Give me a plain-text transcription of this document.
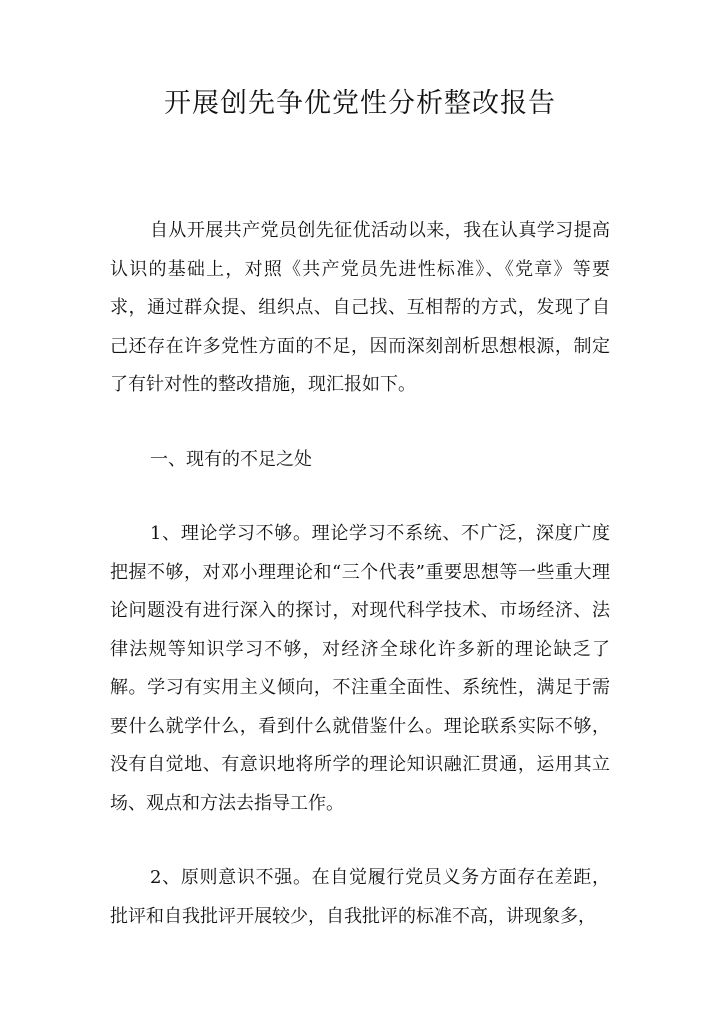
开展创先争优党性分析整改报告

自从开展共产党员创先征优活动以来，我在认真学习提高认识的基础上，对照《共产党员先进性标准》、《党章》等要求，通过群众提、组织点、自己找、互相帮的方式，发现了自己还存在许多党性方面的不足，因而深刻剖析思想根源，制定了有针对性的整改措施，现汇报如下。

一、现有的不足之处

1、理论学习不够。理论学习不系统、不广泛，深度广度把握不够，对邓小理理论和“三个代表”重要思想等一些重大理论问题没有进行深入的探讨，对现代科学技术、市场经济、法律法规等知识学习不够，对经济全球化许多新的理论缺乏了解。学习有实用主义倾向，不注重全面性、系统性，满足于需要什么就学什么，看到什么就借鉴什么。理论联系实际不够，没有自觉地、有意识地将所学的理论知识融汇贯通，运用其立场、观点和方法去指导工作。

2、原则意识不强。在自觉履行党员义务方面存在差距，批评和自我批评开展较少，自我批评的标准不高，讲现象多，
